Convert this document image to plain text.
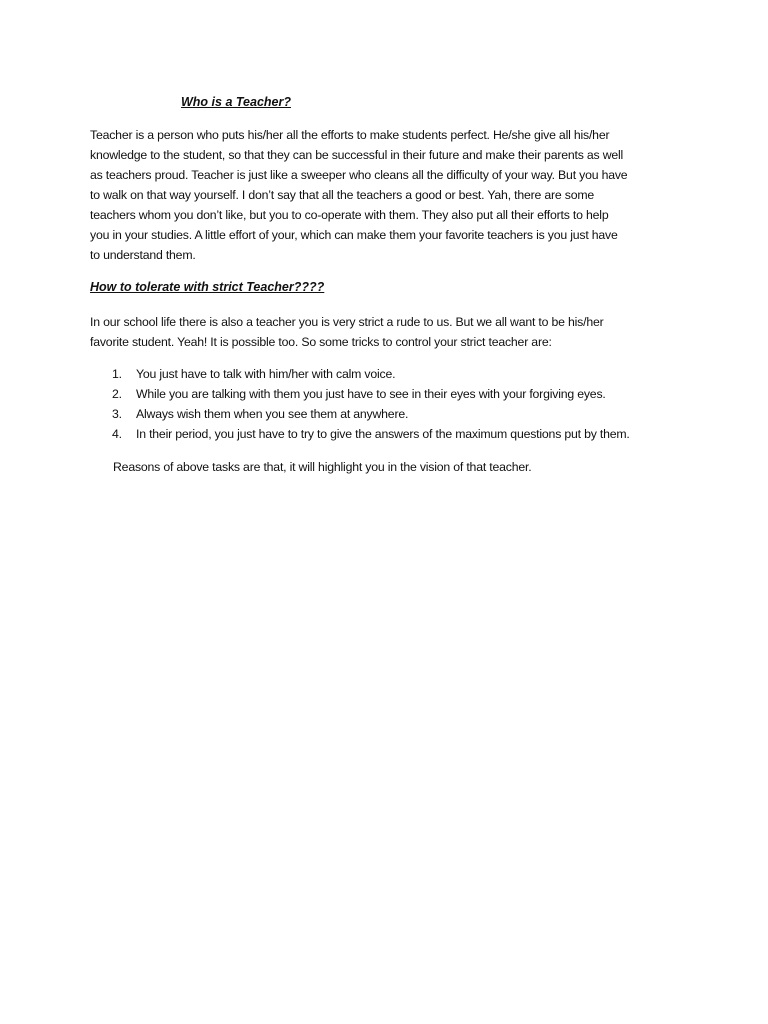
Who is a Teacher?

Teacher is a person who puts his/her all the efforts to make students perfect. He/she give all his/her
knowledge to the student, so that they can be successful in their future and make their parents as well
as teachers proud. Teacher is just like a sweeper who cleans all the difficulty of your way. But you have
to walk on that way yourself. I don’t say that all the teachers a good or best. Yah, there are some
teachers whom you don’t like, but you to co-operate with them. They also put all their efforts to help
you in your studies. A little effort of your, which can make them your favorite teachers is you just have
to understand them.

How to tolerate with strict Teacher????

In our school life there is also a teacher you is very strict a rude to us. But we all want to be his/her
favorite student. Yeah! It is possible too. So some tricks to control your strict teacher are:

1.	You just have to talk with him/her with calm voice.
2.	While you are talking with them you just have to see in their eyes with your forgiving eyes.
3.	Always wish them when you see them at anywhere.
4.	In their period, you just have to try to give the answers of the maximum questions put by them.
Reasons of above tasks are that, it will highlight you in the vision of that teacher.
